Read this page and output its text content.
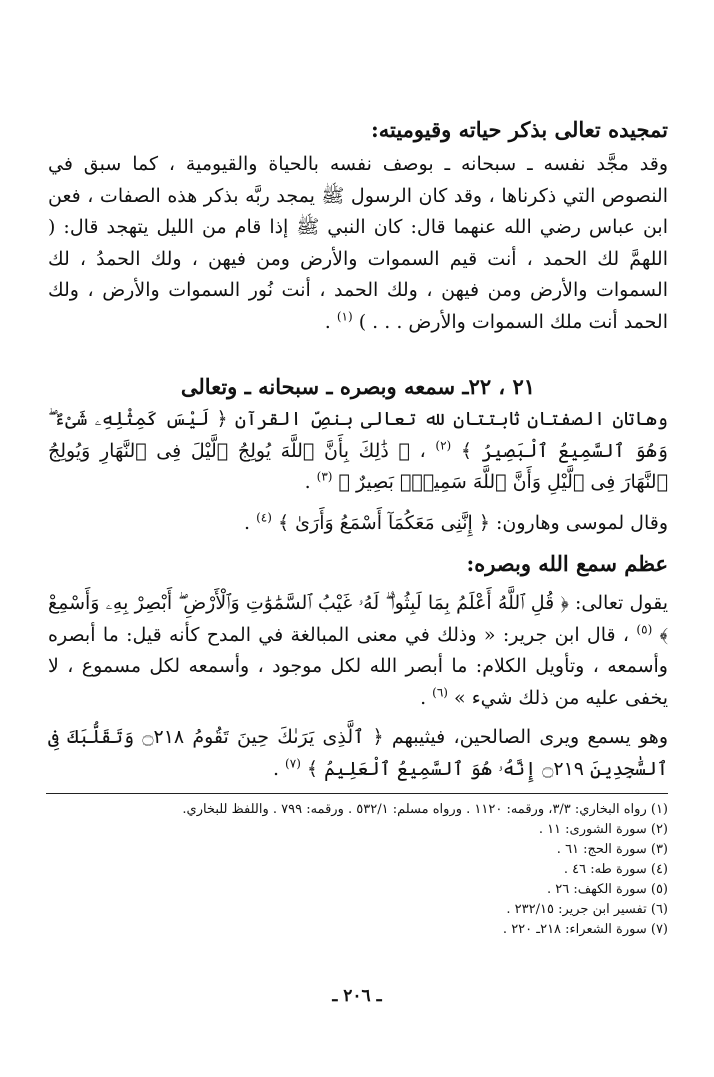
تمجيده تعالى بذكر حياته وقيوميته:
وقد مجَّد نفسه ـ سبحانه ـ بوصف نفسه بالحياة والقيومية ، كما سبق في النصوص التي ذكرناها ، وقد كان الرسول ﷺ يمجد ربَّه بذكر هذه الصفات ، فعن ابن عباس رضي الله عنهما قال: كان النبي ﷺ إذا قام من الليل يتهجد قال: ( اللهمَّ لك الحمد ، أنت قيم السموات والأرض ومن فيهن ، ولك الحمدُ ، لك السموات والأرض ومن فيهن ، ولك الحمد ، أنت نُور السموات والأرض ، ولك الحمد أنت ملك السموات والأرض . . . ) $^{(١)}$ .
٢١ ، ٢٢ـ سمعه وبصره ـ سبحانه ـ وتعالى
وهاتان الصفتان ثابتتان لله تعالى بنصِّ القرآن ﴿ لَيْسَ كَمِثْلِهِۦ شَىْءٌ ۖ وَهُوَ ٱلسَّمِيعُ ٱلْبَصِيرُ ﴾ $^{(٢)}$ ، ﴿ ذَٰلِكَ بِأَنَّ ٱللَّهَ يُولِجُ ٱلَّيْلَ فِى ٱلنَّهَارِ وَيُولِجُ ٱلنَّهَارَ فِى ٱلَّيْلِ وَأَنَّ ٱللَّهَ سَمِيعٌۢ بَصِيرٌ ﴾ $^{(٣)}$ .
وقال لموسى وهارون: ﴿ إِنَّنِى مَعَكُمَآ أَسْمَعُ وَأَرَىٰ ﴾ $^{(٤)}$ .
عظم سمع الله وبصره:
يقول تعالى: ﴿ قُلِ ٱللَّهُ أَعْلَمُ بِمَا لَبِثُوا۟ ۖ لَهُۥ غَيْبُ ٱلسَّمَٰوَٰتِ وَٱلْأَرْضِ ۖ أَبْصِرْ بِهِۦ وَأَسْمِعْ ﴾ $^{(٥)}$ ، قال ابن جرير: « وذلك في معنى المبالغة في المدح كأنه قيل: ما أبصره وأسمعه ، وتأويل الكلام: ما أبصر الله لكل موجود ، وأسمعه لكل مسموع ، لا يخفى عليه من ذلك شيء » $^{(٦)}$ .
وهو يسمع ويرى الصالحين، فيثيبهم ﴿ ٱلَّذِى يَرَىٰكَ حِينَ تَقُومُ ۝٢١٨ وَتَقَلُّبَكَ فِى ٱلسَّٰجِدِينَ ۝٢١٩ إِنَّهُۥ هُوَ ٱلسَّمِيعُ ٱلْعَلِيمُ ﴾ $^{(٧)}$ .
(١) رواه البخاري: ٣/٣، ورقمه: ١١٢٠ . ورواه مسلم: ٥٣٢/١ . ورقمه: ٧٩٩ . واللفظ للبخاري.
(٢) سورة الشورى: ١١ .
(٣) سورة الحج: ٦١ .
(٤) سورة طه: ٤٦ .
(٥) سورة الكهف: ٢٦ .
(٦) تفسير ابن جرير: ٢٣٢/١٥ .
(٧) سورة الشعراء: ٢١٨ـ ٢٢٠ .
ـ ٢٠٦ ـ
